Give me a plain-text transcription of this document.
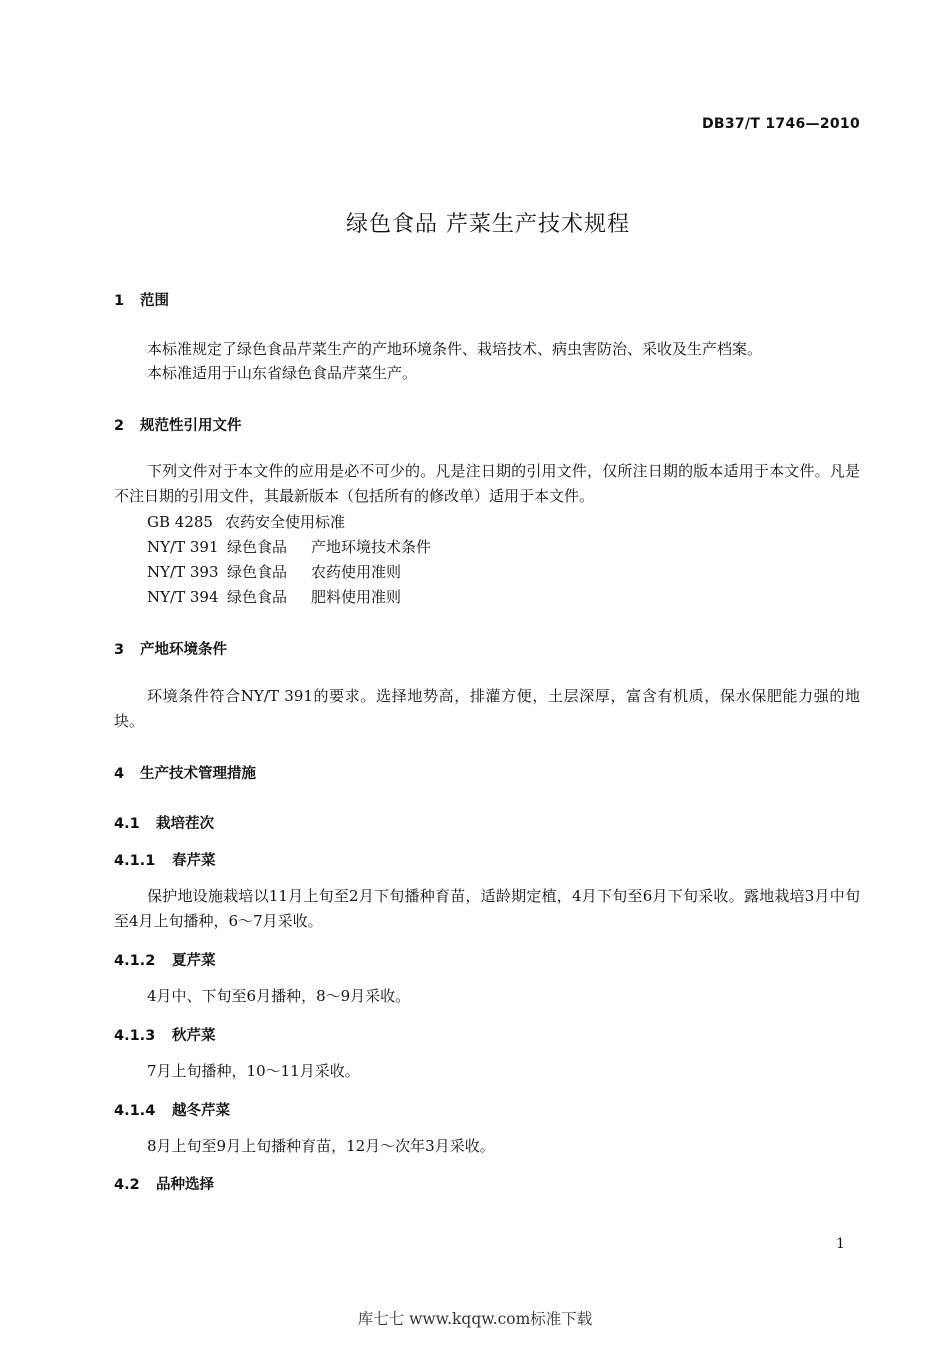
DB37/T 1746—2010
绿色食品 芹菜生产技术规程
1 范围
本标准规定了绿色食品芹菜生产的产地环境条件、栽培技术、病虫害防治、采收及生产档案。
本标准适用于山东省绿色食品芹菜生产。
2 规范性引用文件
下列文件对于本文件的应用是必不可少的。凡是注日期的引用文件，仅所注日期的版本适用于本文件。凡是不注日期的引用文件，其最新版本（包括所有的修改单）适用于本文件。
GB 4285 农药安全使用标准
NY/T 391 绿色食品 产地环境技术条件
NY/T 393 绿色食品 农药使用准则
NY/T 394 绿色食品 肥料使用准则
3 产地环境条件
环境条件符合NY/T 391的要求。选择地势高，排灌方便，土层深厚，富含有机质，保水保肥能力强的地块。
4 生产技术管理措施
4.1 栽培茬次
4.1.1 春芹菜
保护地设施栽培以11月上旬至2月下旬播种育苗，适龄期定植，4月下旬至6月下旬采收。露地栽培3月中旬至4月上旬播种，6～7月采收。
4.1.2 夏芹菜
4月中、下旬至6月播种，8～9月采收。
4.1.3 秋芹菜
7月上旬播种，10～11月采收。
4.1.4 越冬芹菜
8月上旬至9月上旬播种育苗，12月～次年3月采收。
4.2 品种选择
1
库七七 www.kqqw.com标准下载
